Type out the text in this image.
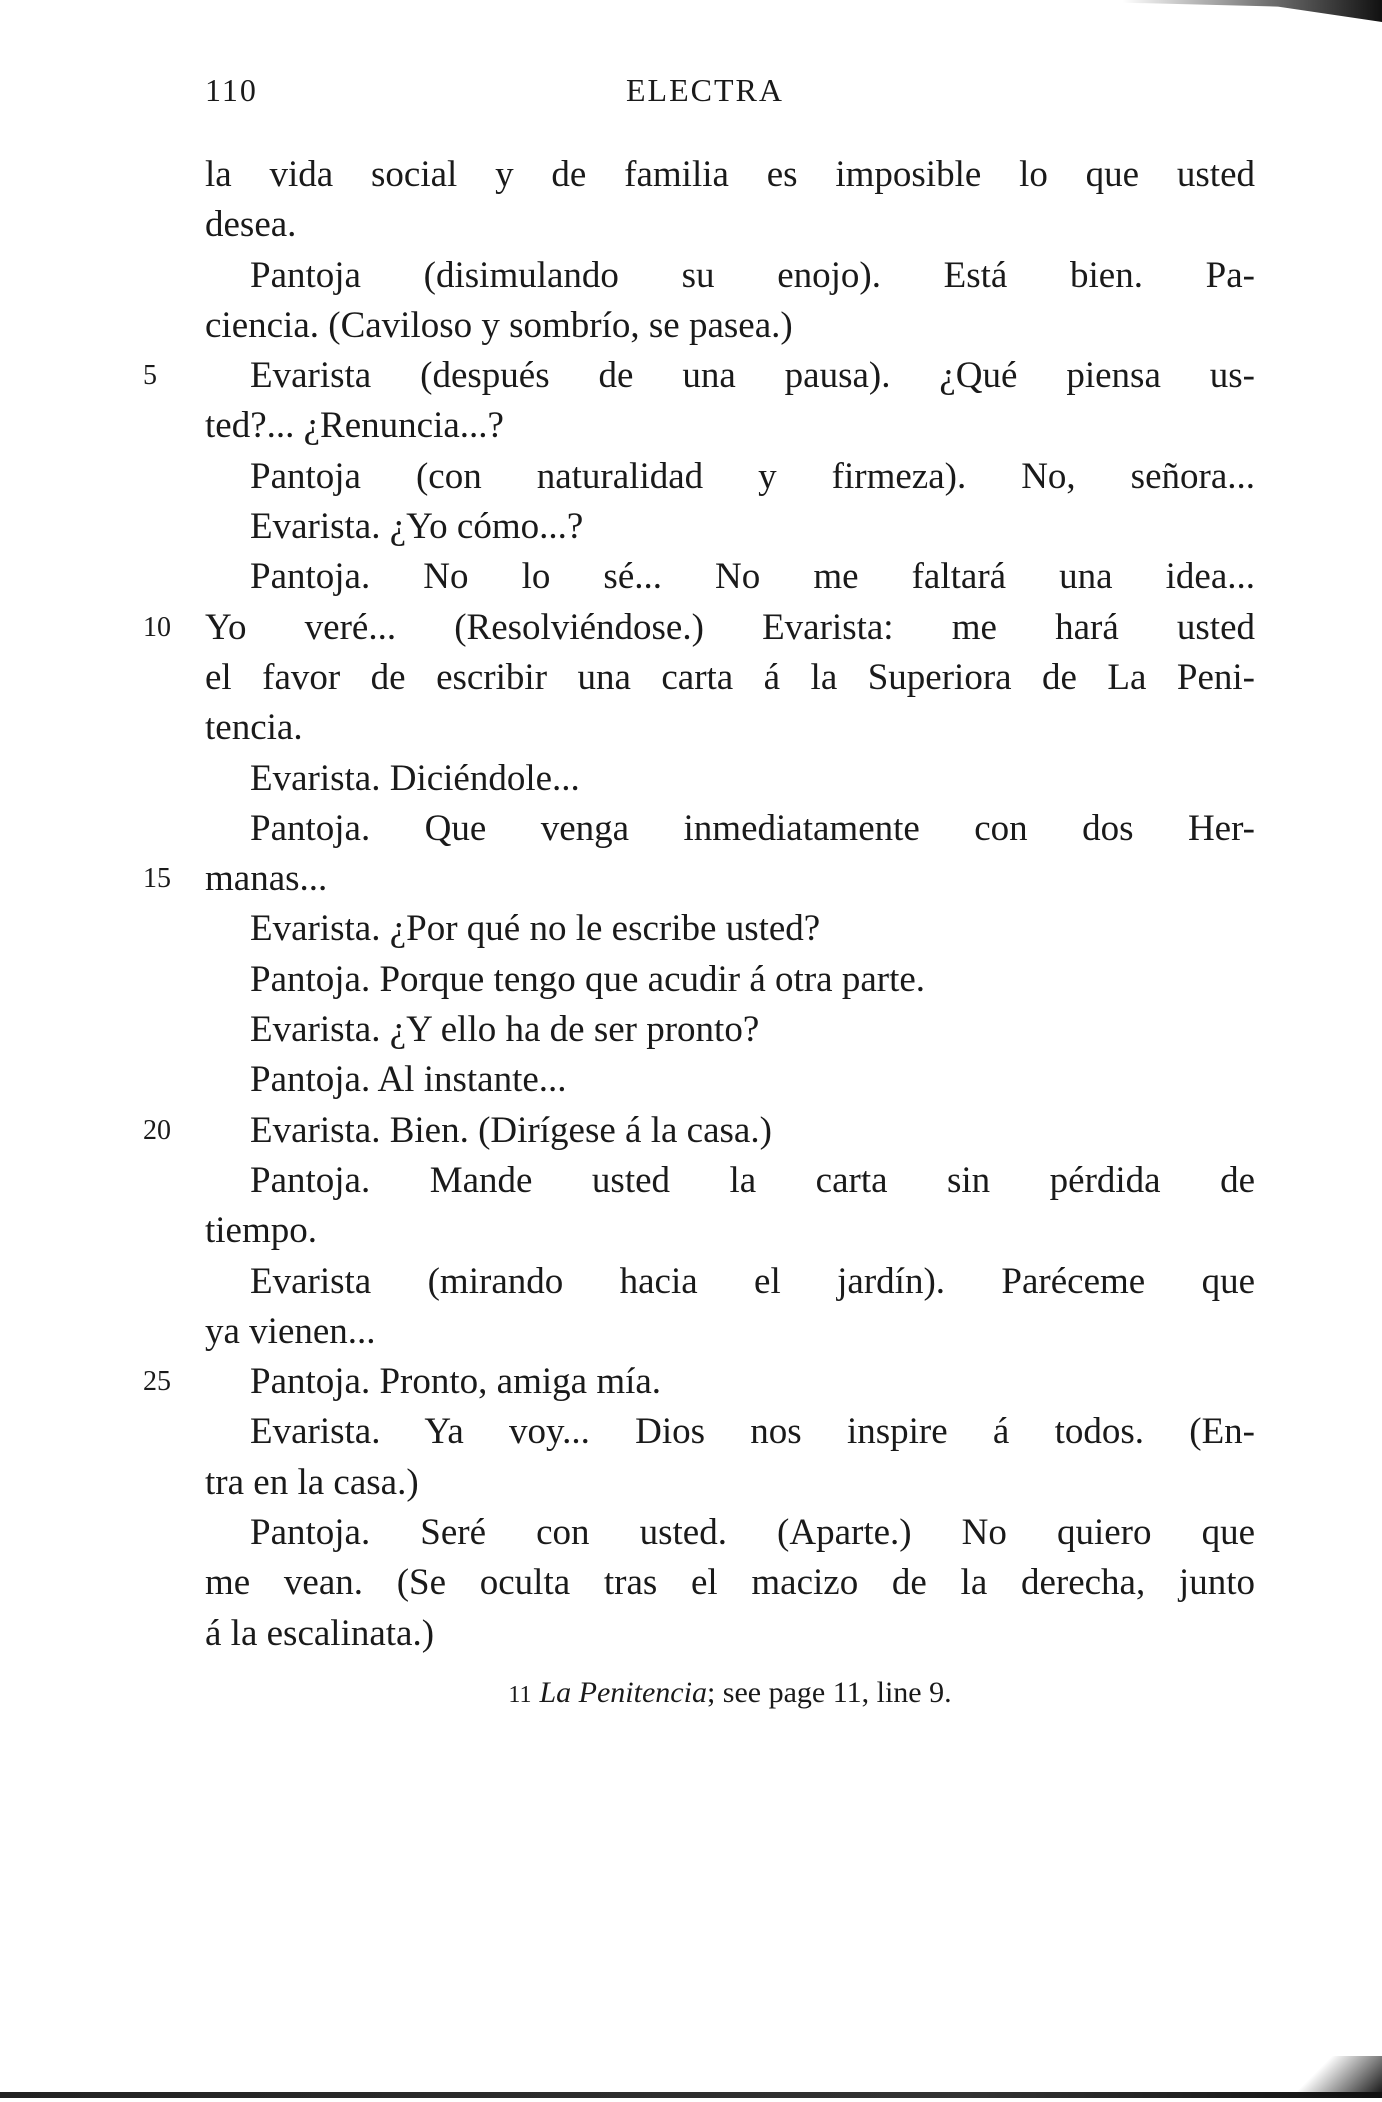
110	ELECTRA
la vida social y de familia es imposible lo que usted
desea.
Pantoja (disimulando su enojo). Está bien. Pa-
ciencia. (Caviloso y sombrío, se pasea.)
5	Evarista (después de una pausa). ¿Qué piensa us-
ted?... ¿Renuncia...?
Pantoja (con naturalidad y firmeza). No, señora...
Evarista. ¿Yo cómo...?
Pantoja. No lo sé... No me faltará una idea...
10 Yo veré... (Resolviéndose.) Evarista: me hará usted
el favor de escribir una carta á la Superiora de La Peni-
tencia.
Evarista. Diciéndole...
Pantoja. Que venga inmediatamente con dos Her-
15 manas...
Evarista. ¿Por qué no le escribe usted?
Pantoja. Porque tengo que acudir á otra parte.
Evarista. ¿Y ello ha de ser pronto?
Pantoja. Al instante...
20	Evarista. Bien. (Dirígese á la casa.)
Pantoja. Mande usted la carta sin pérdida de
tiempo.
Evarista (mirando hacia el jardín). Paréceme que
ya vienen...
25	Pantoja. Pronto, amiga mía.
Evarista. Ya voy... Dios nos inspire á todos. (En-
tra en la casa.)
Pantoja. Seré con usted. (Aparte.) No quiero que
me vean. (Se oculta tras el macizo de la derecha, junto
á la escalinata.)
11 La Penitencia; see page 11, line 9.
